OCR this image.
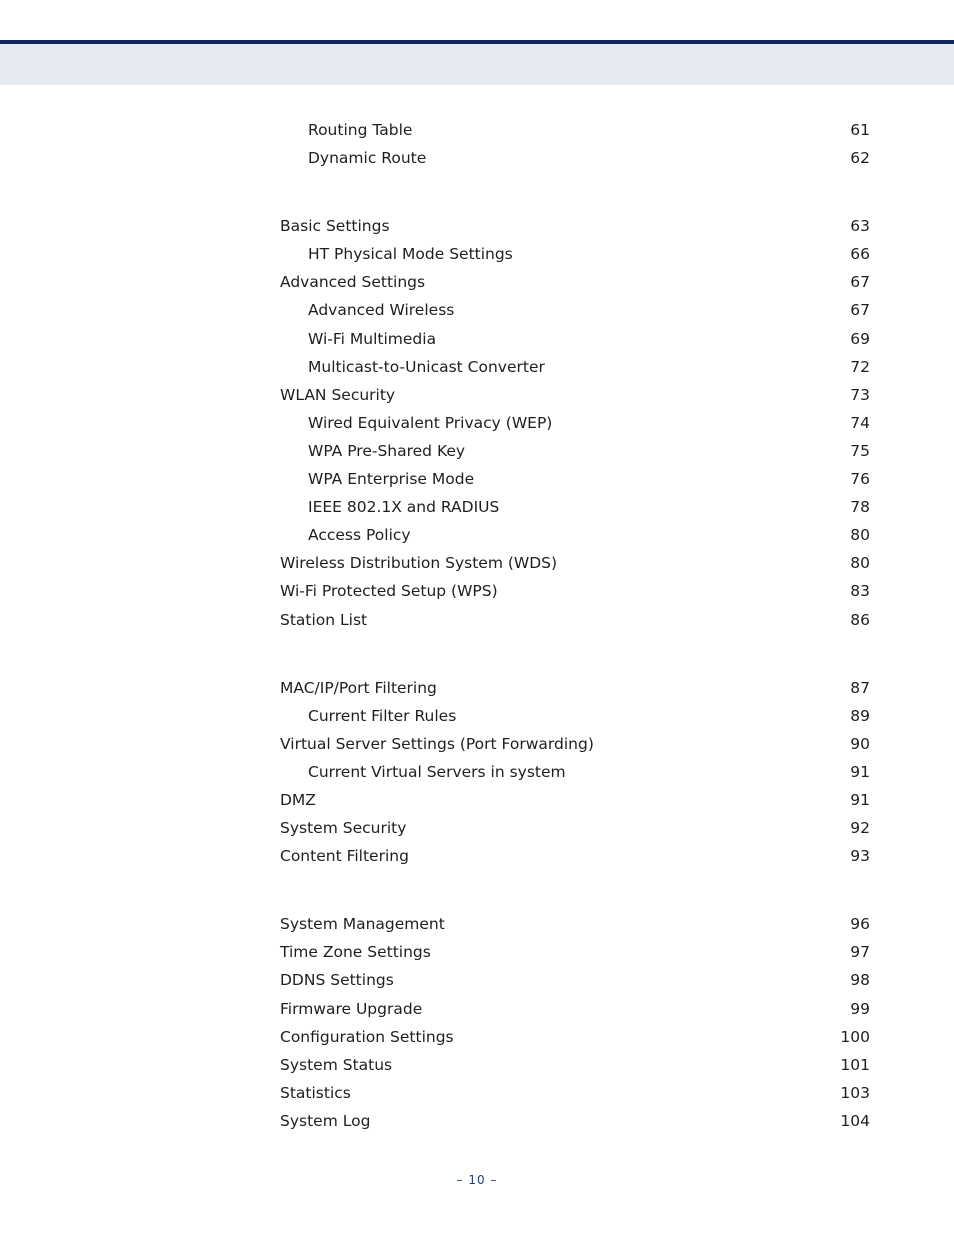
Routing Table	61
Dynamic Route	62
Basic Settings	63
HT Physical Mode Settings	66
Advanced Settings	67
Advanced Wireless	67
Wi-Fi Multimedia	69
Multicast-to-Unicast Converter	72
WLAN Security	73
Wired Equivalent Privacy (WEP)	74
WPA Pre-Shared Key	75
WPA Enterprise Mode	76
IEEE 802.1X and RADIUS	78
Access Policy	80
Wireless Distribution System (WDS)	80
Wi-Fi Protected Setup (WPS)	83
Station List	86
MAC/IP/Port Filtering	87
Current Filter Rules	89
Virtual Server Settings (Port Forwarding)	90
Current Virtual Servers in system	91
DMZ	91
System Security	92
Content Filtering	93
System Management	96
Time Zone Settings	97
DDNS Settings	98
Firmware Upgrade	99
Configuration Settings	100
System Status	101
Statistics	103
System Log	104
– 10 –
